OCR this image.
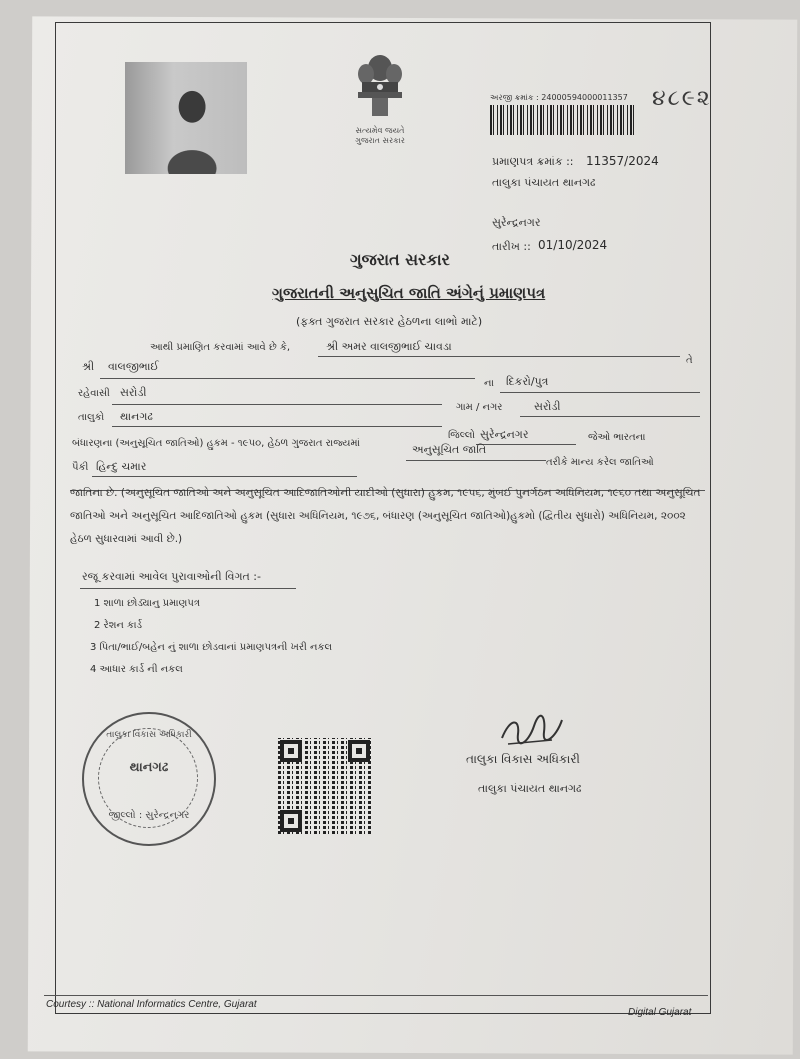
સત્યમેવ જયતે
ગુજરાત સરકાર
અરજી ક્રમાંક : 24000594000011357 ૪૮૯૨
પ્રમાણપત્ર ક્રમાંક :: 11357/2024
તાલુકા પંચાયત થાનગઢ
સુરેન્દ્રનગર
તારીખ :: 01/10/2024
ગુજરાત સરકાર
ગુજરાતની અનુસુચિત જાતિ અંગેનું પ્રમાણપત્ર
(ફક્ત ગુજરાત સરકાર હેઠળના લાભો માટે)
આથી પ્રમાણિત કરવામાં આવે છે કે,	શ્રી અમર વાલજીભાઈ ચાવડા
તે
શ્રી વાલજીભાઈ
ના દિકરો/પુત્ર
રહેવાસી સરોડી
ગામ / નગર	સરોડી
તાલુકો થાનગઢ
જિલ્લો સુરેન્દ્રનગર	જેઓ ભારતના
બંધારણના (અનુસૂચિત જાતિઓ) હુકમ - ૧૯૫૦, હેઠળ ગુજરાત રાજ્યમાં	અનુસૂચિત જાતિ
તરીકે માન્ય કરેલ જાતિઓ
પૈકી હિન્દુ ચમાર
જાતિના છે. (અનુસૂચિત જાતિઓ અને અનુસૂચિત આદિજાતિઓની યાદીઓ (સુધારા) હુકમ, ૧૯૫૬, મુંબઈ પુનર્ગઠન અધિનિયમ, ૧૯૬૦ તથા અનુસૂચિત જાતિઓ અને અનુસૂચિત આદિજાતિઓ હુકમ (સુધારા અધિનિયમ, ૧૯૭૬, બંધારણ (અનુસૂચિત જાતિઓ)હુકમો (દ્વિતીય સુધારો) અધિનિયમ, ૨૦૦૨ હેઠળ સુધારવામાં આવી છે.)
રજૂ કરવામાં આવેલ પુરાવાઓની વિગત :-
1 શાળા છોડ્યાનુ પ્રમાણપત્ર
2 રેશન કાર્ડ
3 પિતા/ભાઈ/બહેન નું શાળા છોડવાનાં પ્રમાણપત્રની ખરી નકલ
4 આધાર કાર્ડ ની નકલ
તાલુકા વિકાસ અધિકારી
થાનગઢ
જીલ્લો : સુરેન્દ્રનગર
તાલુકા વિકાસ અધિકારી
તાલુકા પંચાયત થાનગઢ
Courtesy :: National Informatics Centre, Gujarat
Digital Gujarat
